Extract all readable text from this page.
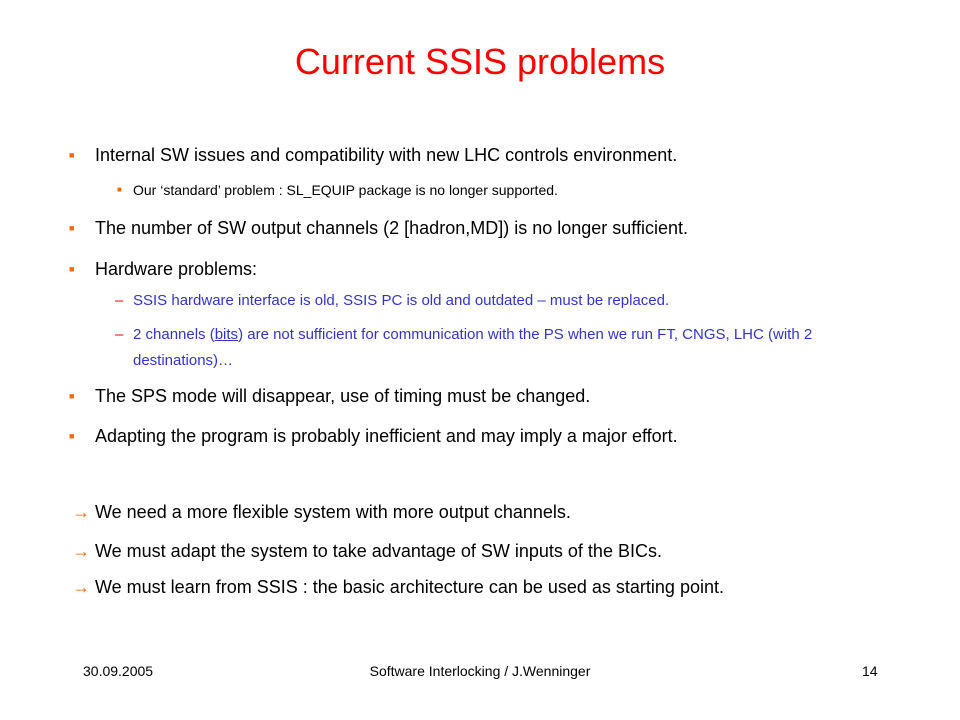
Current SSIS problems
■ Internal SW issues and compatibility with new LHC controls environment.
■ Our ‘standard’ problem : SL_EQUIP package is no longer supported.
■ The number of SW output channels (2 [hadron,MD]) is no longer sufficient.
■ Hardware problems:
– SSIS hardware interface is old, SSIS PC is old and outdated – must be replaced.
– 2 channels (bits) are not sufficient for communication with the PS when we run FT, CNGS, LHC (with 2 destinations)…
■ The SPS mode will disappear, use of timing must be changed.
■ Adapting the program is probably inefficient and may imply a major effort.
→ We need a more flexible system with more output channels.
→ We must adapt the system to take advantage of SW inputs of the BICs.
→ We must learn from SSIS : the basic architecture can be used as starting point.
30.09.2005	Software Interlocking / J.Wenninger	14
